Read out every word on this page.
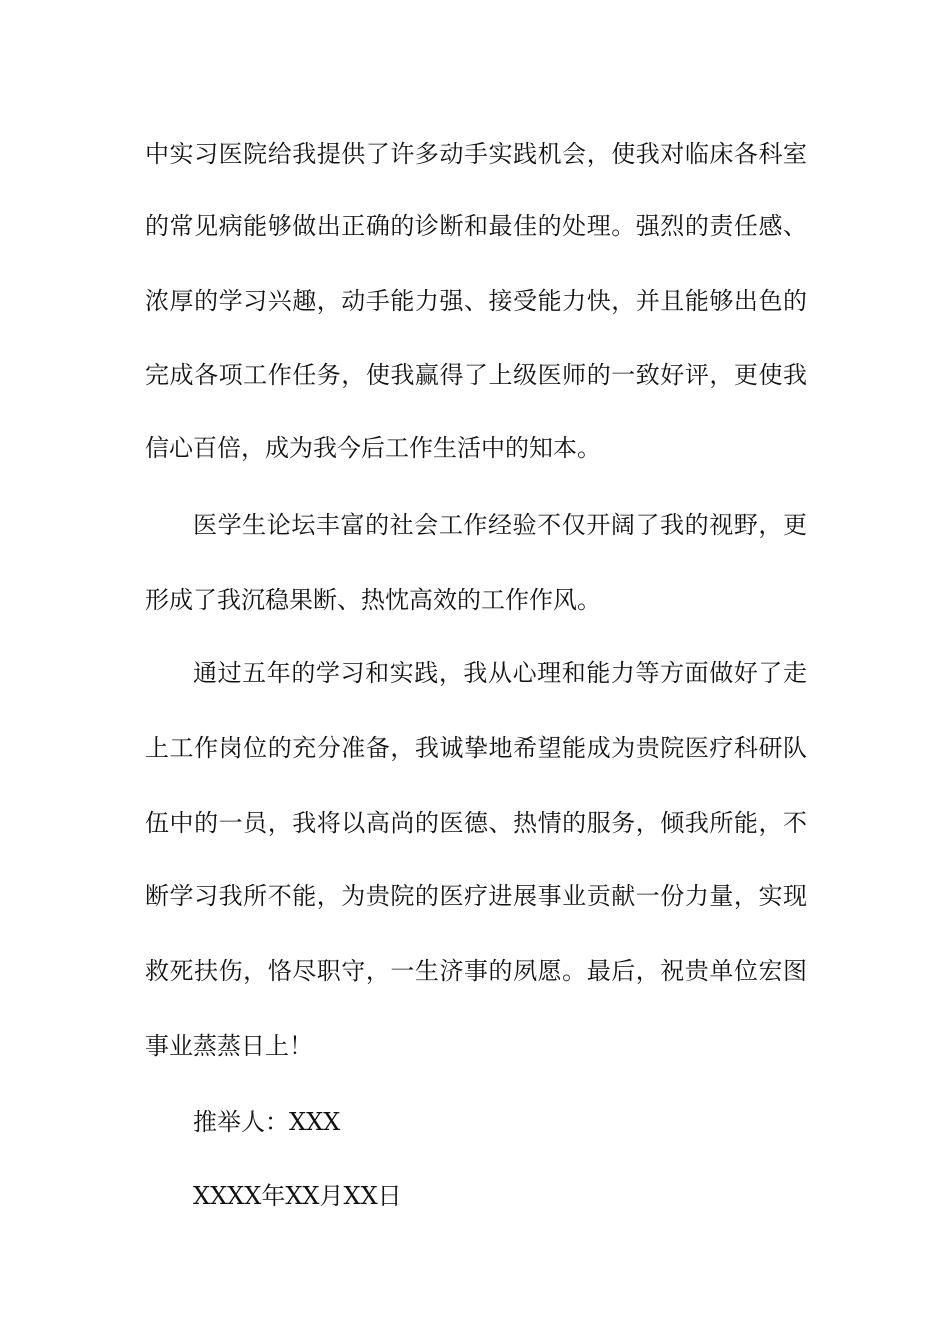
中实习医院给我提供了许多动手实践机会，使我对临床各科室
的常见病能够做出正确的诊断和最佳的处理。强烈的责任感、
浓厚的学习兴趣，动手能力强、接受能力快，并且能够出色的
完成各项工作任务，使我赢得了上级医师的一致好评，更使我
信心百倍，成为我今后工作生活中的知本。
医学生论坛丰富的社会工作经验不仅开阔了我的视野，更
形成了我沉稳果断、热忱高效的工作作风。
通过五年的学习和实践，我从心理和能力等方面做好了走
上工作岗位的充分准备，我诚挚地希望能成为贵院医疗科研队
伍中的一员，我将以高尚的医德、热情的服务，倾我所能，不
断学习我所不能，为贵院的医疗进展事业贡献一份力量，实现
救死扶伤，恪尽职守，一生济事的夙愿。最后，祝贵单位宏图
事业蒸蒸日上！
推举人：XXX
XXXX年XX月XX日
